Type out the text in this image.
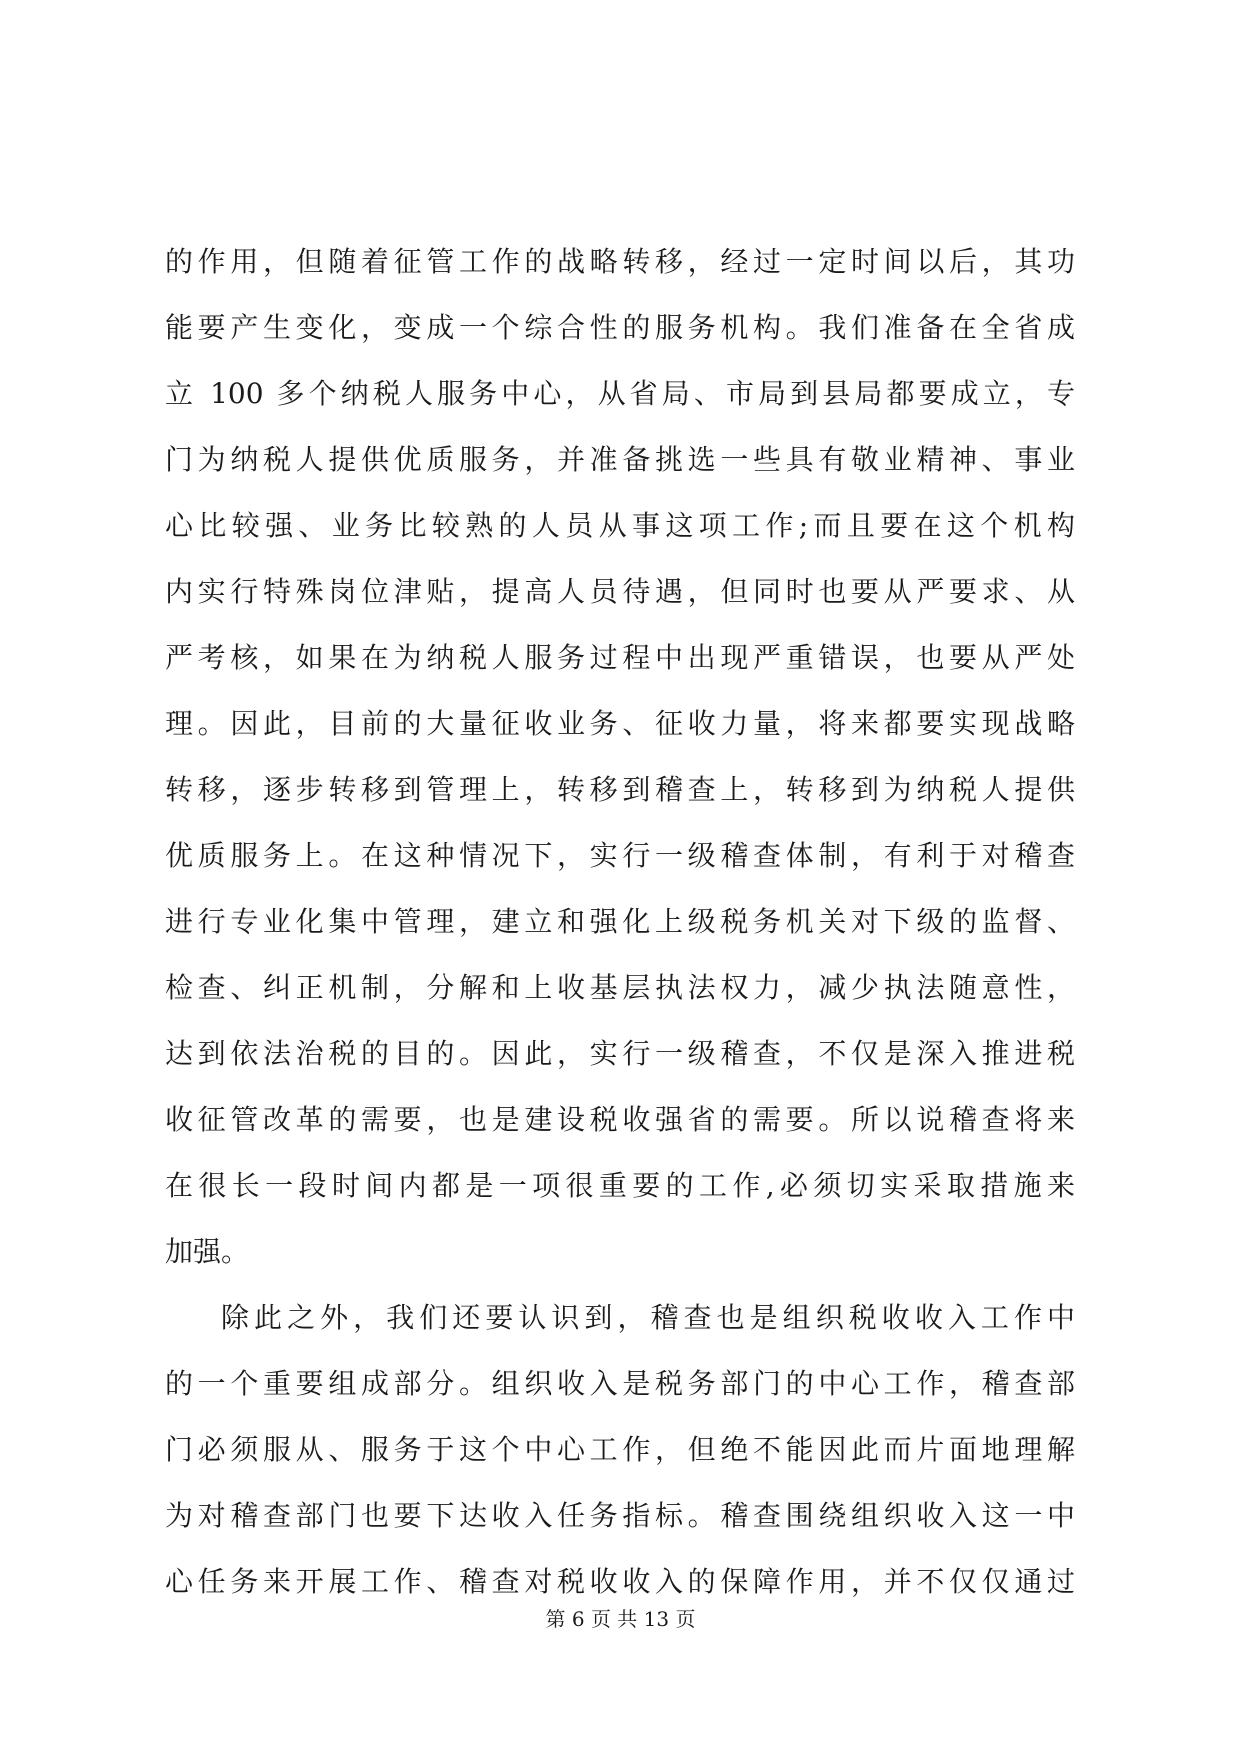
的作用，但随着征管工作的战略转移，经过一定时间以后，其功
能要产生变化，变成一个综合性的服务机构。我们准备在全省成
立 100 多个纳税人服务中心，从省局、市局到县局都要成立，专
门为纳税人提供优质服务，并准备挑选一些具有敬业精神、事业
心比较强、业务比较熟的人员从事这项工作;而且要在这个机构
内实行特殊岗位津贴，提高人员待遇，但同时也要从严要求、从
严考核，如果在为纳税人服务过程中出现严重错误，也要从严处
理。因此，目前的大量征收业务、征收力量，将来都要实现战略
转移，逐步转移到管理上，转移到稽查上，转移到为纳税人提供
优质服务上。在这种情况下，实行一级稽查体制，有利于对稽查
进行专业化集中管理，建立和强化上级税务机关对下级的监督、
检查、纠正机制，分解和上收基层执法权力，减少执法随意性，
达到依法治税的目的。因此，实行一级稽查，不仅是深入推进税
收征管改革的需要，也是建设税收强省的需要。所以说稽查将来
在很长一段时间内都是一项很重要的工作,必须切实采取措施来
加强。
除此之外，我们还要认识到，稽查也是组织税收收入工作中
的一个重要组成部分。组织收入是税务部门的中心工作，稽查部
门必须服从、服务于这个中心工作，但绝不能因此而片面地理解
为对稽查部门也要下达收入任务指标。稽查围绕组织收入这一中
心任务来开展工作、稽查对税收收入的保障作用，并不仅仅通过
第 6 页 共 13 页
